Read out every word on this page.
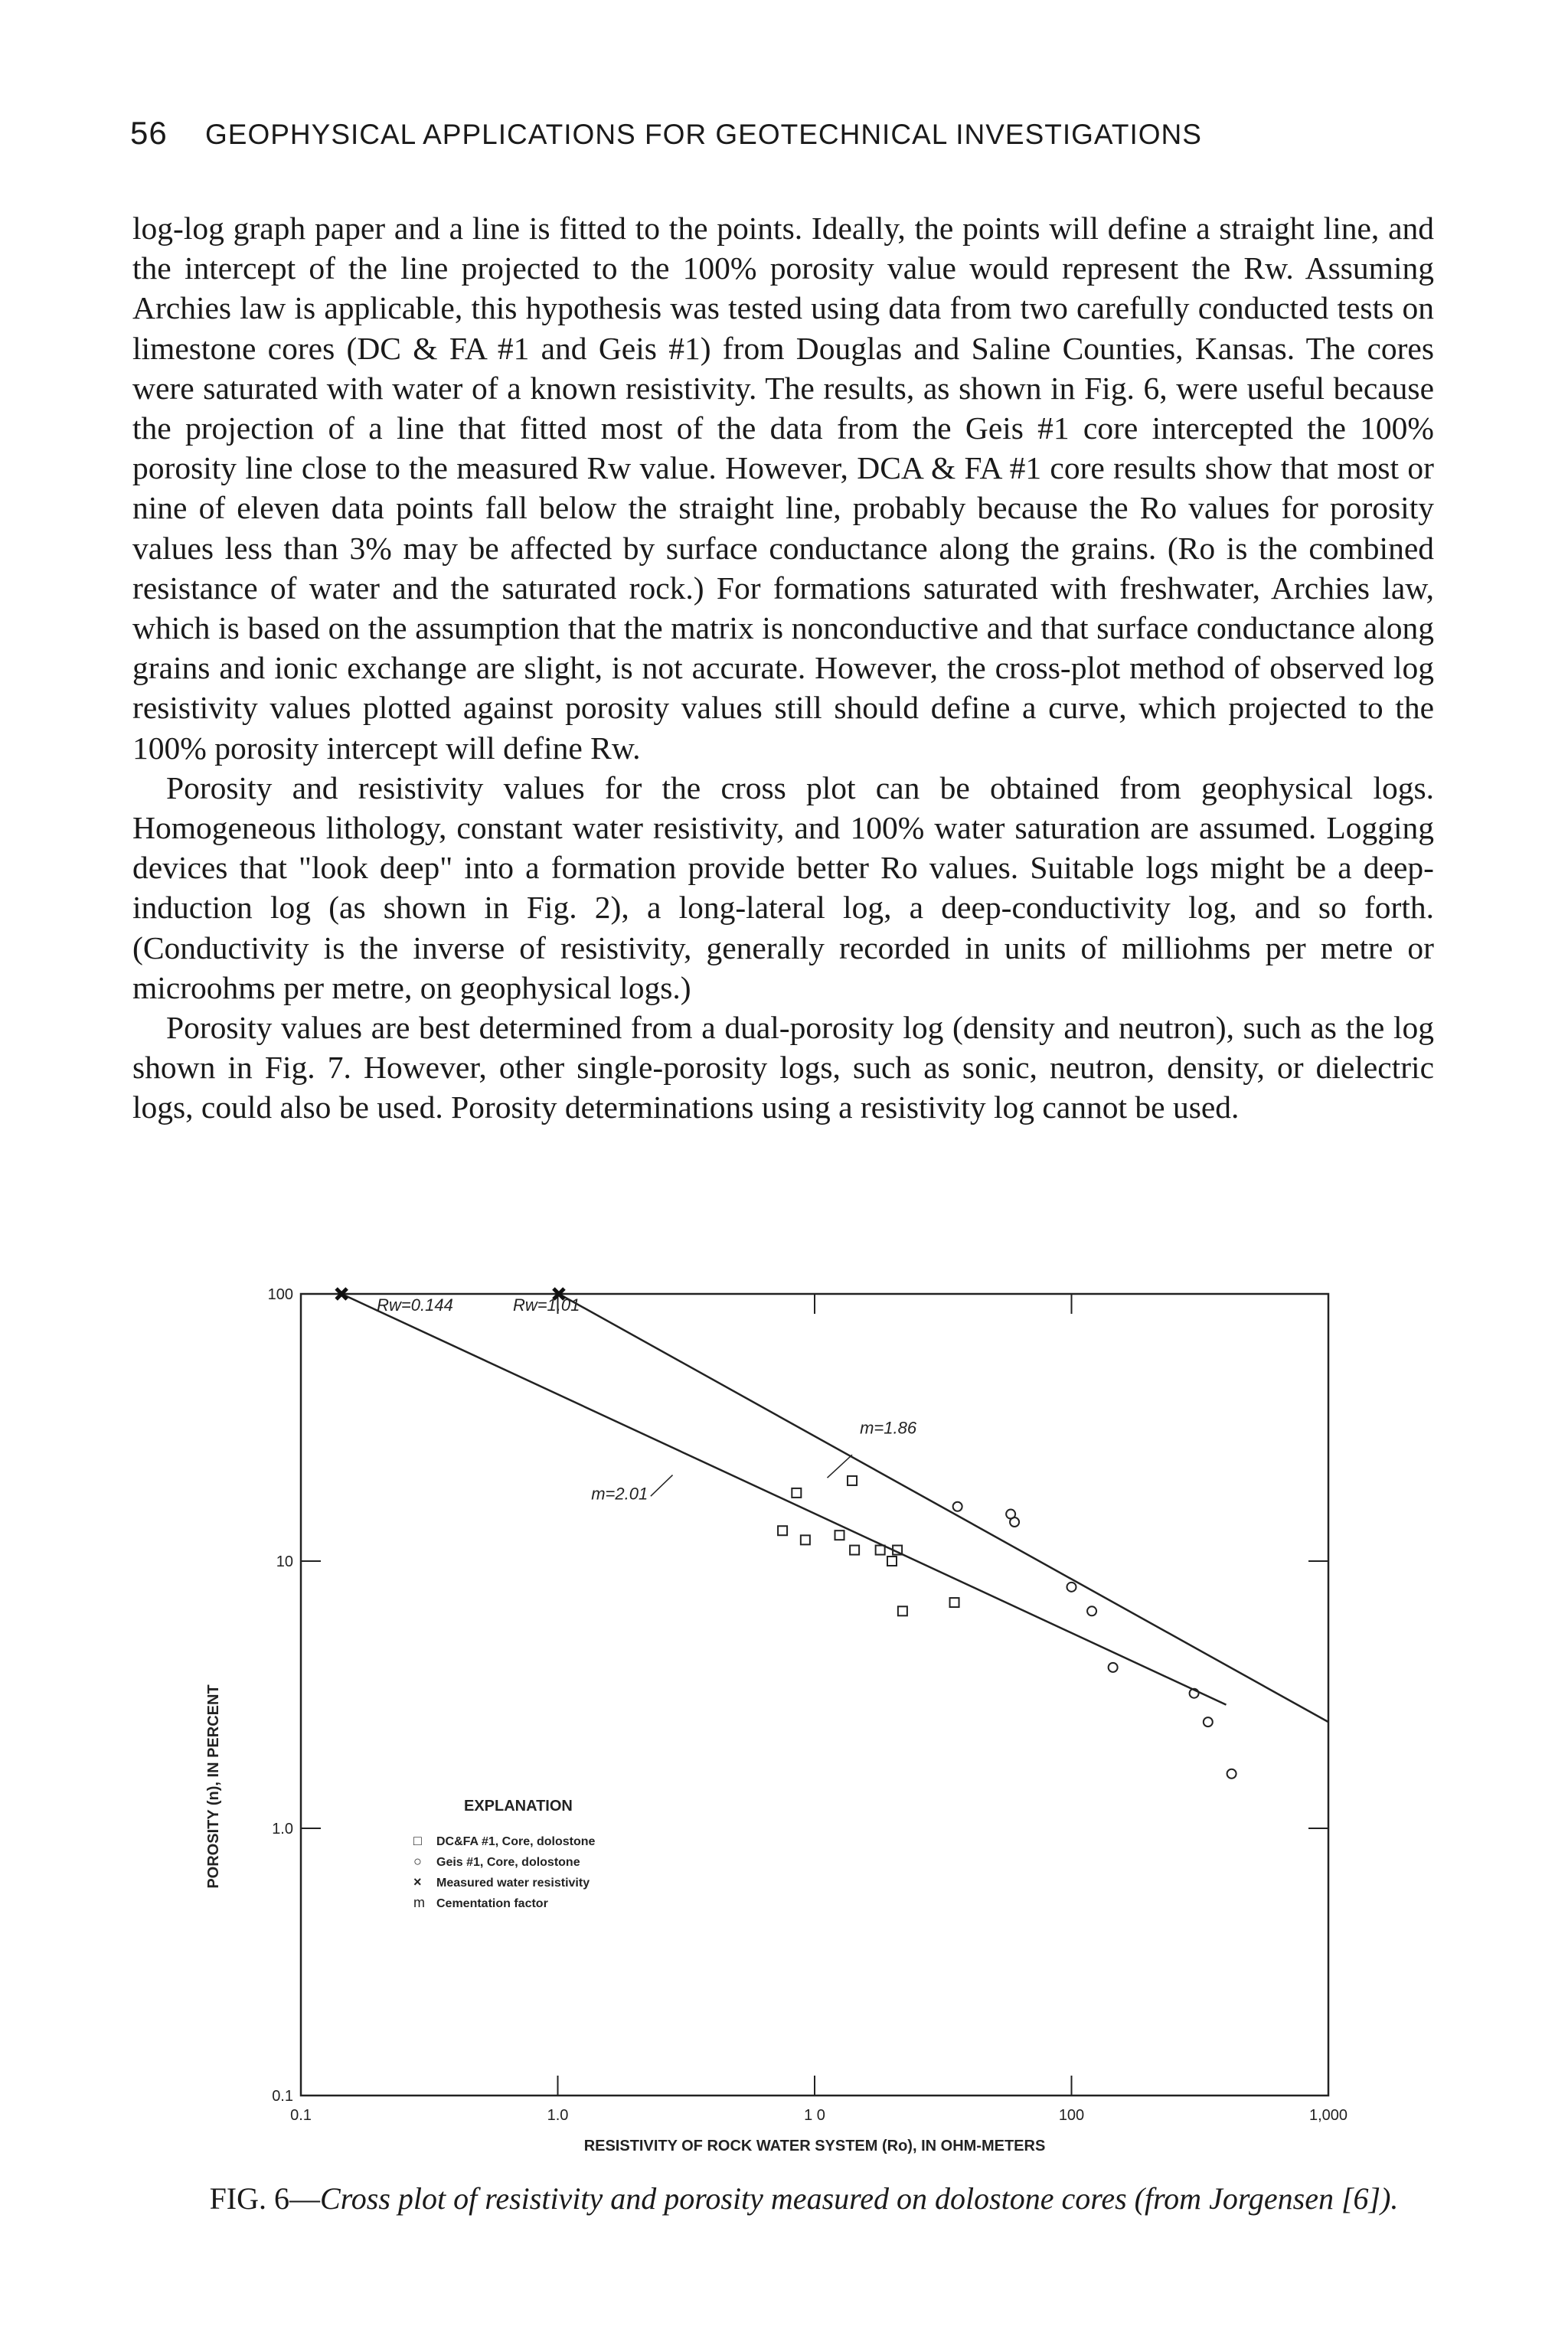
56 GEOPHYSICAL APPLICATIONS FOR GEOTECHNICAL INVESTIGATIONS

log-log graph paper and a line is fitted to the points. Ideally, the points will define a straight line, and the intercept of the line projected to the 100% porosity value would represent the Rw. Assuming Archies law is applicable, this hypothesis was tested using data from two carefully conducted tests on limestone cores (DC & FA #1 and Geis #1) from Douglas and Saline Counties, Kansas. The cores were saturated with water of a known resistivity. The results, as shown in Fig. 6, were useful because the projection of a line that fitted most of the data from the Geis #1 core intercepted the 100% porosity line close to the measured Rw value. However, DCA & FA #1 core results show that most or nine of eleven data points fall below the straight line, probably because the Ro values for porosity values less than 3% may be affected by surface conductance along the grains. (Ro is the combined resistance of water and the saturated rock.) For formations saturated with freshwater, Archies law, which is based on the assumption that the matrix is nonconductive and that surface conductance along grains and ionic exchange are slight, is not accurate. However, the cross-plot method of observed log resistivity values plotted against porosity values still should define a curve, which projected to the 100% porosity intercept will define Rw.

Porosity and resistivity values for the cross plot can be obtained from geophysical logs. Homogeneous lithology, constant water resistivity, and 100% water saturation are assumed. Logging devices that "look deep" into a formation provide better Ro values. Suitable logs might be a deep-induction log (as shown in Fig. 2), a long-lateral log, a deep-conductivity log, and so forth. (Conductivity is the inverse of resistivity, generally recorded in units of milliohms per metre or microohms per metre, on geophysical logs.)

Porosity values are best determined from a dual-porosity log (density and neutron), such as the log shown in Fig. 7. However, other single-porosity logs, such as sonic, neutron, density, or dielectric logs, could also be used. Porosity determinations using a resistivity log cannot be used.

0.1	1.0	1 0	100	1,000
0.1
1.0
10
100
RESISTIVITY OF ROCK WATER SYSTEM (Ro), IN OHM-METERS
POROSITY (n), IN PERCENT
m=1.86
m=2.01
Rw=0.144	Rw=1.01
EXPLANATION
□ DC&FA #1, Core, dolostone
○ Geis #1, Core, dolostone
× Measured water resistivity
m Cementation factor
FIG. 6—Cross plot of resistivity and porosity measured on dolostone cores (from Jorgensen [6]).
